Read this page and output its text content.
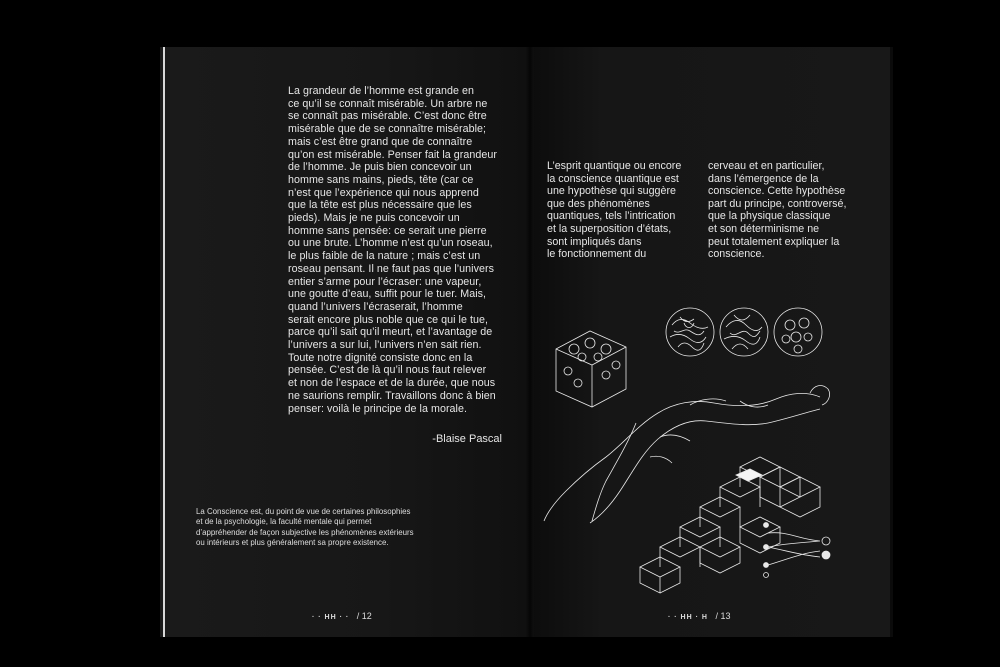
La grandeur de l’homme est grande en
ce qu’il se connaît misérable. Un arbre ne
se connaît pas misérable. C’est donc être
misérable que de se connaître misérable;
mais c’est être grand que de connaître
qu’on est misérable. Penser fait la grandeur
de l’homme. Je puis bien concevoir un
homme sans mains, pieds, tête (car ce
n’est que l’expérience qui nous apprend
que la tête est plus nécessaire que les
pieds). Mais je ne puis concevoir un
homme sans pensée: ce serait une pierre
ou une brute. L’homme n’est qu’un roseau,
le plus faible de la nature ; mais c’est un
roseau pensant. Il ne faut pas que l’univers
entier s’arme pour l’écraser: une vapeur,
une goutte d’eau, suffit pour le tuer. Mais,
quand l’univers l’écraserait, l’homme
serait encore plus noble que ce qui le tue,
parce qu’il sait qu’il meurt, et l’avantage de
l’univers a sur lui, l’univers n’en sait rien.
Toute notre dignité consiste donc en la
pensée. C’est de là qu’il nous faut relever
et non de l’espace et de la durée, que nous
ne saurions remplir. Travaillons donc à bien
penser: voilà le principe de la morale.
-Blaise Pascal
La Conscience est, du point de vue de certaines philosophies
et de la psychologie, la faculté mentale qui permet
d’appréhender de façon subjective les phénomènes extérieurs
ou intérieurs et plus généralement sa propre existence.
· · HH · · / 12
L’esprit quantique ou encore
la conscience quantique est
une hypothèse qui suggère
que des phénomènes
quantiques, tels l’intrication
et la superposition d’états,
sont impliqués dans
le fonctionnement du
cerveau et en particulier,
dans l’émergence de la
conscience. Cette hypothèse
part du principe, controversé,
que la physique classique
et son déterminisme ne
peut totalement expliquer la
conscience.
· · HH · H / 13
